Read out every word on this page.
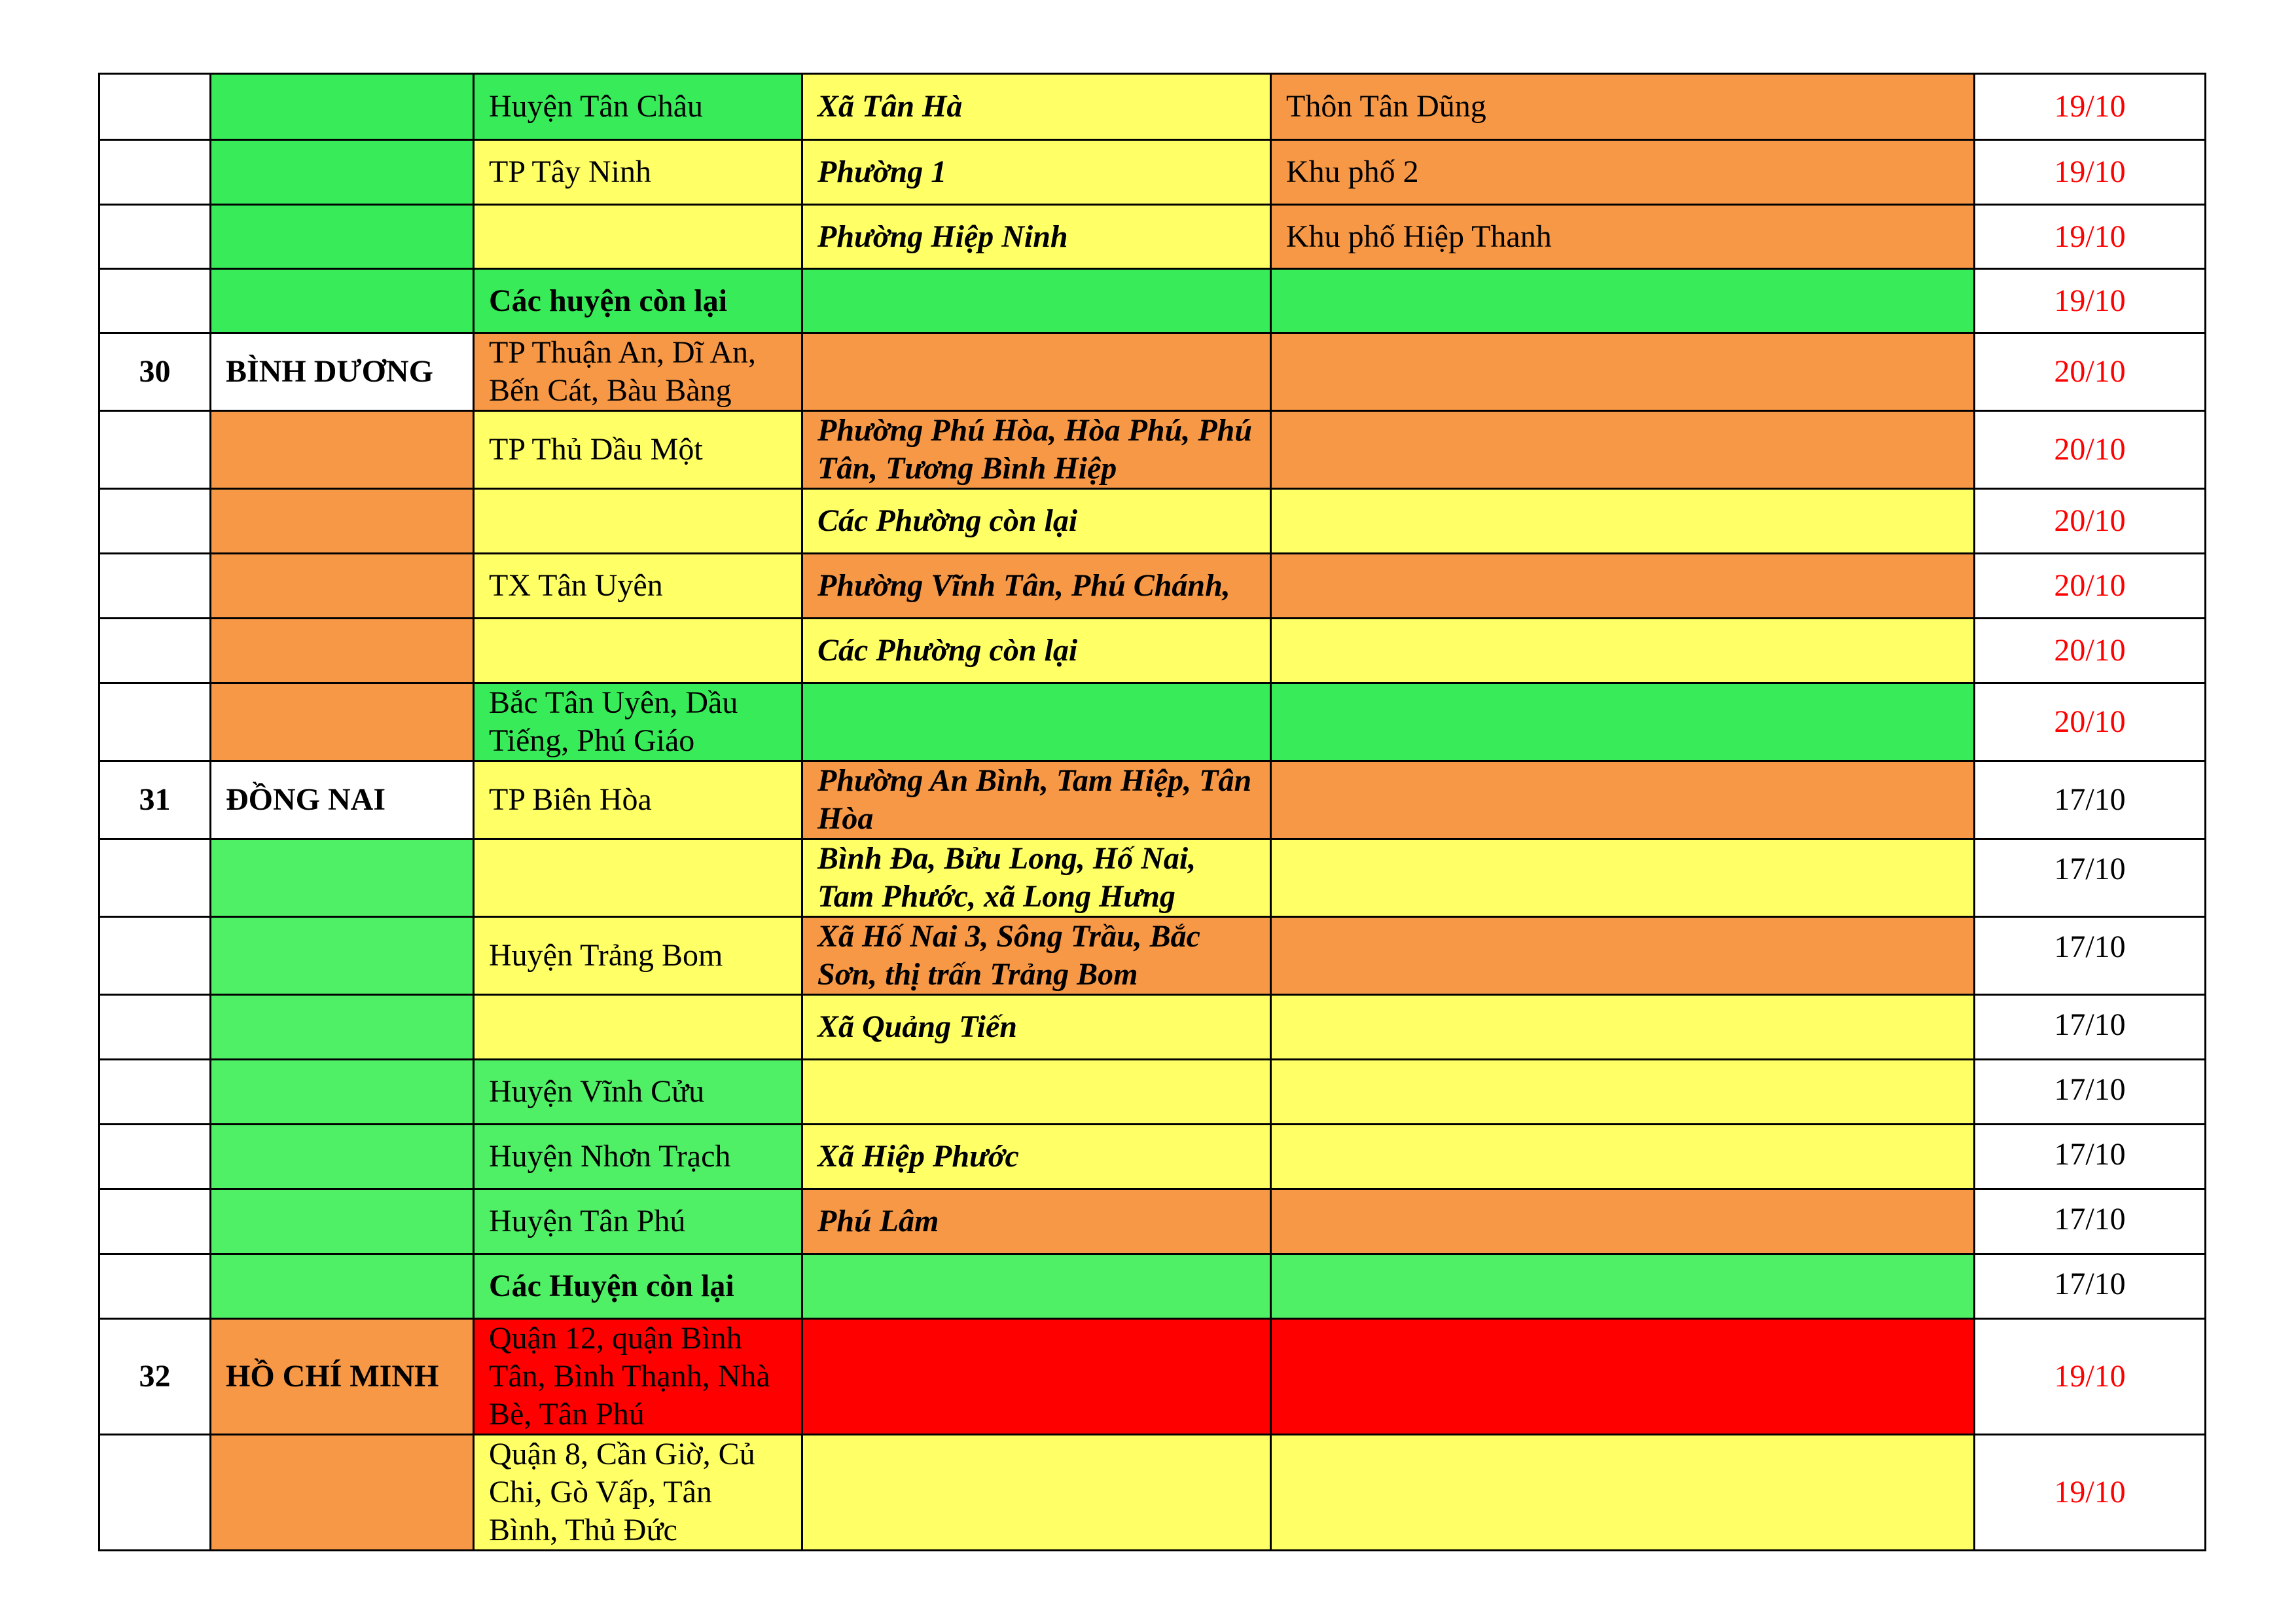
		Huyện Tân Châu	Xã Tân Hà	Thôn Tân Dũng	19/10
		TP Tây Ninh	Phường 1	Khu phố 2	19/10
			Phường Hiệp Ninh	Khu phố Hiệp Thanh	19/10
		Các huyện còn lại			19/10
30	BÌNH DƯƠNG	TP Thuận An, Dĩ An, Bến Cát, Bàu Bàng			20/10
		TP Thủ Dầu Một	Phường Phú Hòa, Hòa Phú, Phú Tân, Tương Bình Hiệp		20/10
			Các Phường còn lại		20/10
		TX Tân Uyên	Phường Vĩnh Tân, Phú Chánh,		20/10
			Các Phường còn lại		20/10
		Bắc Tân Uyên, Dầu Tiếng, Phú Giáo			20/10
31	ĐỒNG NAI	TP Biên Hòa	Phường An Bình, Tam Hiệp, Tân Hòa		17/10
			Bình Đa, Bửu Long, Hố Nai, Tam Phước, xã Long Hưng		17/10
		Huyện Trảng Bom	Xã Hố Nai 3, Sông Trầu, Bắc Sơn, thị trấn Trảng Bom		17/10
			Xã Quảng Tiến		17/10
		Huyện Vĩnh Cửu			17/10
		Huyện Nhơn Trạch	Xã Hiệp Phước		17/10
		Huyện Tân Phú	Phú Lâm		17/10
		Các Huyện còn lại			17/10
32	HỒ CHÍ MINH	Quận 12, quận Bình Tân, Bình Thạnh, Nhà Bè, Tân Phú			19/10
		Quận 8, Cần Giờ, Củ Chi, Gò Vấp, Tân Bình, Thủ Đức			19/10
